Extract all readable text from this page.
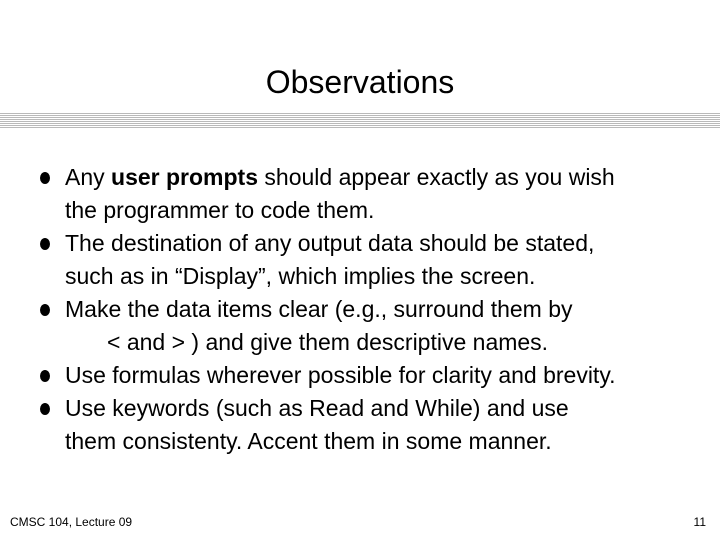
Observations
Any user prompts should appear exactly as you wish
the programmer to code them.
The destination of any output data should be stated,
such as in “Display”, which implies the screen.
Make the data items clear (e.g., surround them by
< and > ) and give them descriptive names.
Use formulas wherever possible for clarity and brevity.
Use keywords (such as Read and While) and use
them consistenty. Accent them in some manner.
CMSC 104, Lecture 09	11
